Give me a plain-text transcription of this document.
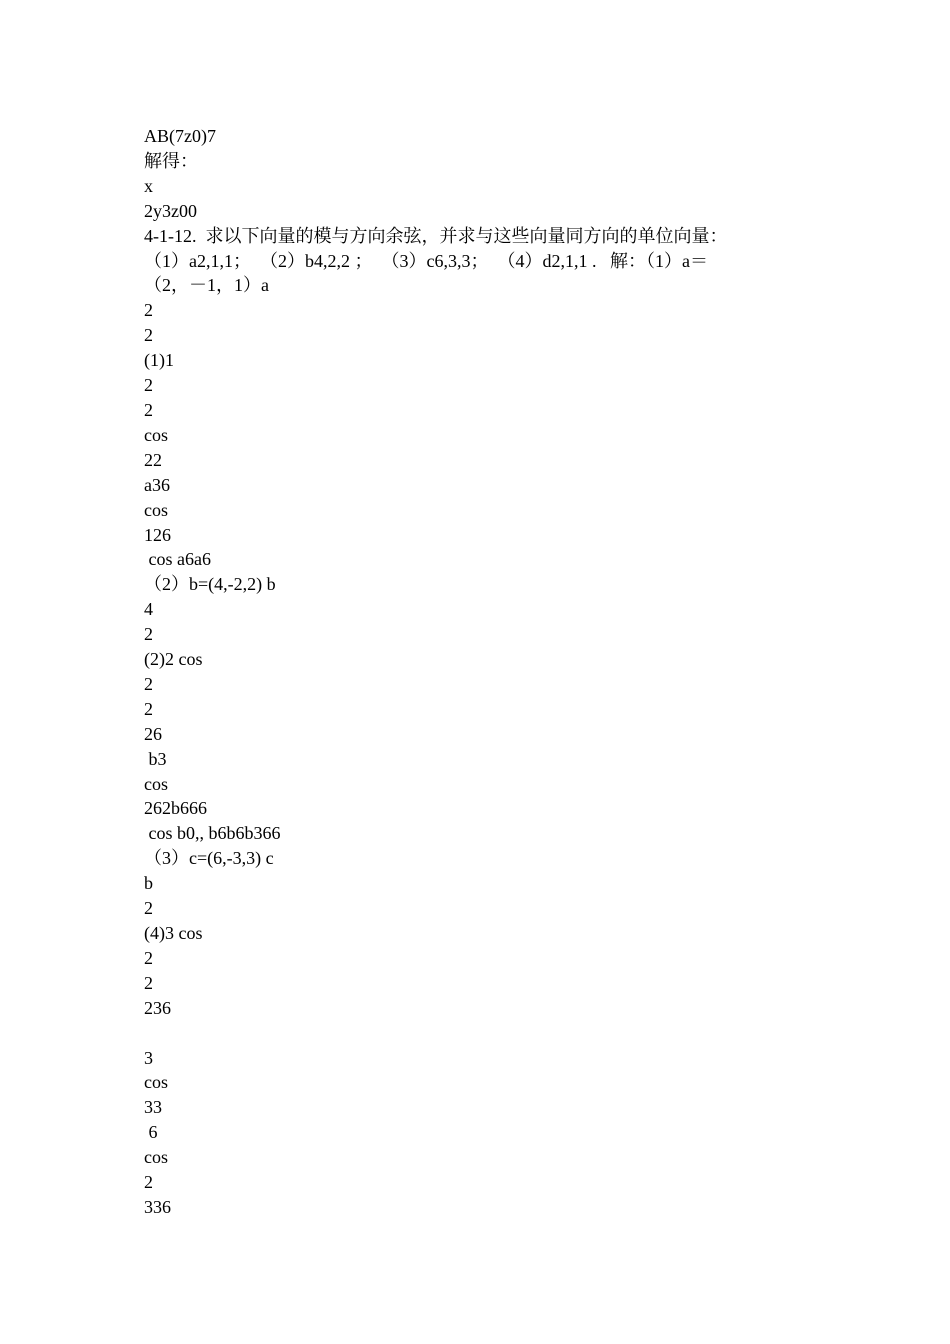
AB(7z0)7
解得：
x
2y3z00
4-1-12.  求以下向量的模与方向余弦，并求与这些向量同方向的单位向量：
（1）a2,1,1；  （2）b4,2,2 ；  （3）c6,3,3；  （4）d2,1,1 .   解：（1）a＝
（2，－1，1）a
2
2
(1)1
2
2
cos
22
a36
cos
126
cos a6a6
（2）b=(4,-2,2) b
4
2
(2)2 cos
2
2
26
b3
cos
262b666
cos b0,, b6b6b366
（3）c=(6,-3,3) c
b
2
(4)3 cos
2
2
236
3
cos
33
6
cos
2
336
